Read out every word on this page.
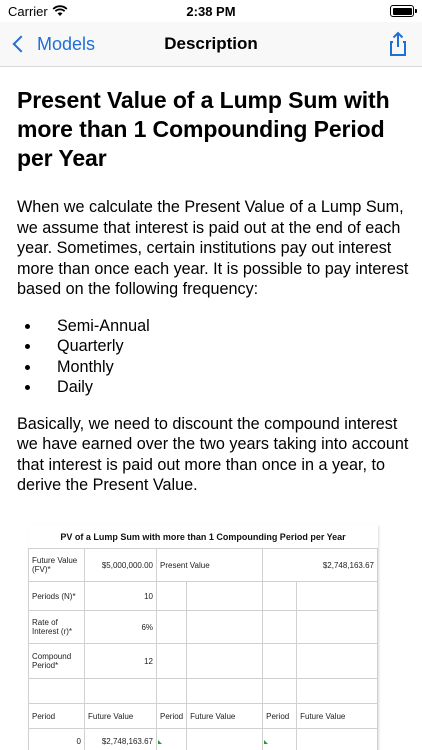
Carrier	2:38 PM
Models	Description
Present Value of a Lump Sum with more than 1 Compounding Period per Year

When we calculate the Present Value of a Lump Sum, we assume that interest is paid out at the end of each year. Sometimes, certain institutions pay out interest more than once each year. It is possible to pay interest based on the following frequency:

• Semi-Annual
• Quarterly
• Monthly
• Daily

Basically, we need to discount the compound interest we have earned over the two years taking into account that interest is paid out more than once in a year, to derive the Present Value.

PV of a Lump Sum with more than 1 Compounding Period per Year
Future Value (FV)*	$5,000,000.00	Present Value		$2,748,163.67	
Periods (N)*	10				
Rate of Interest (r)*	6%				
Compound Period*	12				

Period	Future Value	Period	Future Value	Period	Future Value
0	$2,748,163.67				
